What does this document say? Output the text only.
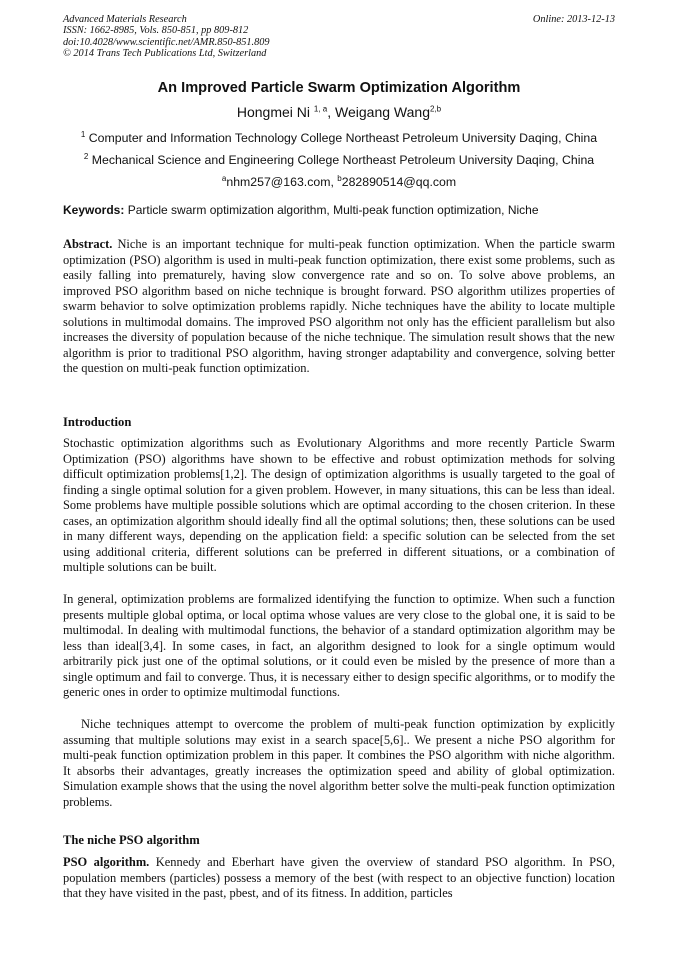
Advanced Materials Research
ISSN: 1662-8985, Vols. 850-851, pp 809-812
doi:10.4028/www.scientific.net/AMR.850-851.809
© 2014 Trans Tech Publications Ltd, Switzerland
Online: 2013-12-13
An Improved Particle Swarm Optimization Algorithm
Hongmei Ni $^{1, a}$, Weigang Wang$^{2,b}$
$^1$ Computer and Information Technology College Northeast Petroleum University Daqing, China
$^2$ Mechanical Science and Engineering College Northeast Petroleum University Daqing, China
$^a$nhm257@163.com, $^b$282890514@qq.com
Keywords: Particle swarm optimization algorithm, Multi-peak function optimization, Niche

Abstract. Niche is an important technique for multi-peak function optimization. When the particle swarm optimization (PSO) algorithm is used in multi-peak function optimization, there exist some problems, such as easily falling into prematurely, having slow convergence rate and so on. To solve above problems, an improved PSO algorithm based on niche technique is brought forward. PSO algorithm utilizes properties of swarm behavior to solve optimization problems rapidly. Niche techniques have the ability to locate multiple solutions in multimodal domains. The improved PSO algorithm not only has the efficient parallelism but also increases the diversity of population because of the niche technique. The simulation result shows that the new algorithm is prior to traditional PSO algorithm, having stronger adaptability and convergence, solving better the question on multi-peak function optimization.

Introduction

Stochastic optimization algorithms such as Evolutionary Algorithms and more recently Particle Swarm Optimization (PSO) algorithms have shown to be effective and robust optimization methods for solving difficult optimization problems[1,2]. The design of optimization algorithms is usually targeted to the goal of finding a single optimal solution for a given problem. However, in many situations, this can be less than ideal. Some problems have multiple possible solutions which are optimal according to the chosen criterion. In these cases, an optimization algorithm should ideally find all the optimal solutions; then, these solutions can be used in many different ways, depending on the application field: a specific solution can be selected from the set using additional criteria, different solutions can be preferred in different situations, or a combination of multiple solutions can be built.

In general, optimization problems are formalized identifying the function to optimize. When such a function presents multiple global optima, or local optima whose values are very close to the global one, it is said to be multimodal. In dealing with multimodal functions, the behavior of a standard optimization algorithm may be less than ideal[3,4]. In some cases, in fact, an algorithm designed to look for a single optimum would arbitrarily pick just one of the optimal solutions, or it could even be misled by the presence of more than a single optimum and fail to converge. Thus, it is necessary either to design specific algorithms, or to modify the generic ones in order to optimize multimodal functions.

Niche techniques attempt to overcome the problem of multi-peak function optimization by explicitly assuming that multiple solutions may exist in a search space[5,6].. We present a niche PSO algorithm for multi-peak function optimization problem in this paper. It combines the PSO algorithm with niche algorithm. It absorbs their advantages, greatly increases the optimization speed and ability of global optimization. Simulation example shows that the using the novel algorithm better solve the multi-peak function optimization problems.

The niche PSO algorithm

PSO algorithm. Kennedy and Eberhart have given the overview of standard PSO algorithm. In PSO, population members (particles) possess a memory of the best (with respect to an objective function) location that they have visited in the past, pbest, and of its fitness. In addition, particles
